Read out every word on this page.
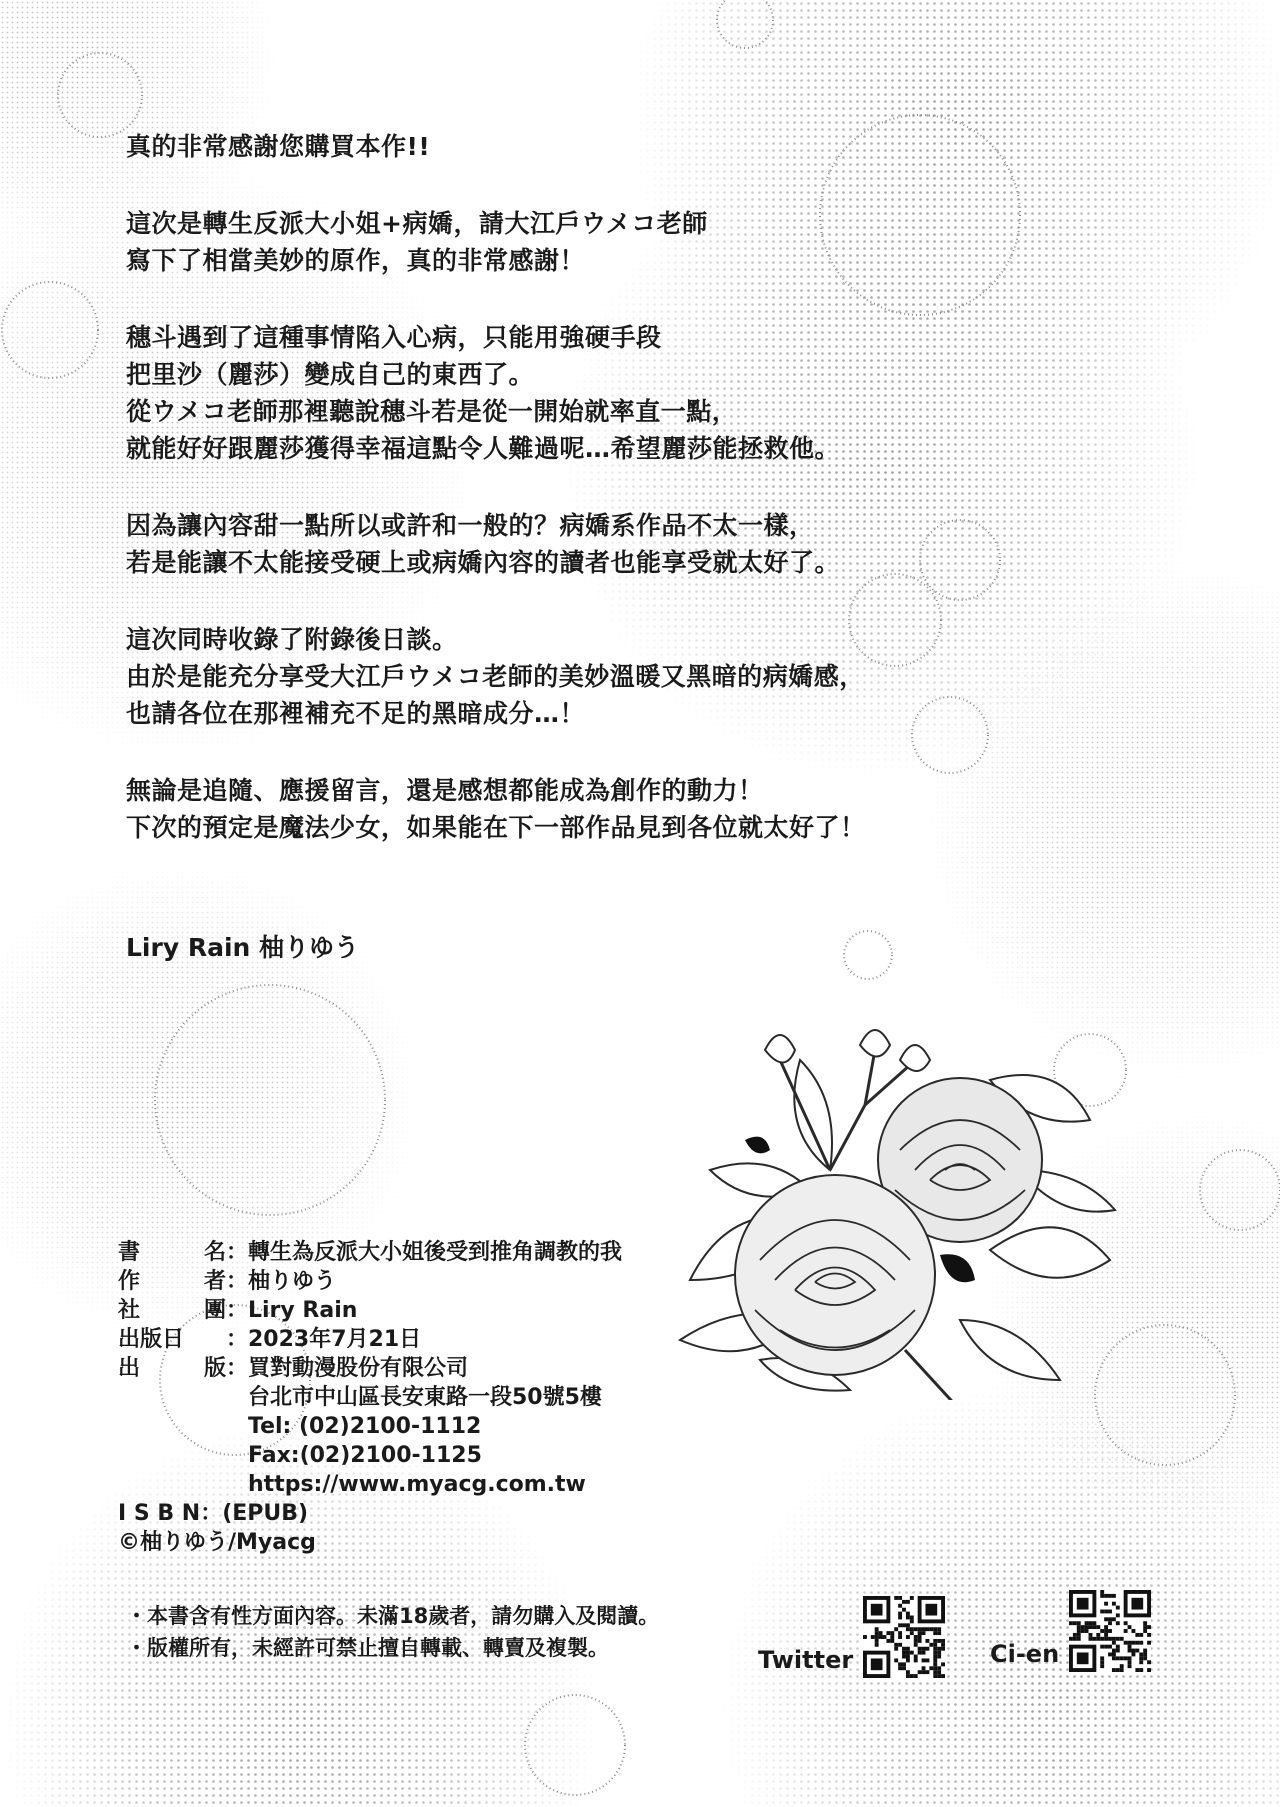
真的非常感謝您購買本作!!

這次是轉生反派大小姐+病嬌，請大江戶ウメコ老師

寫下了相當美妙的原作，真的非常感謝！

穗斗遇到了這種事情陷入心病，只能用強硬手段

把里沙（麗莎）變成自己的東西了。

從ウメコ老師那裡聽說穗斗若是從一開始就率直一點，

就能好好跟麗莎獲得幸福這點令人難過呢…希望麗莎能拯救他。

因為讓內容甜一點所以或許和一般的？病嬌系作品不太一樣，

若是能讓不太能接受硬上或病嬌內容的讀者也能享受就太好了。

這次同時收錄了附錄後日談。

由於是能充分享受大江戶ウメコ老師的美妙溫暖又黑暗的病嬌感，

也請各位在那裡補充不足的黑暗成分…！

無論是追隨、應援留言，還是感想都能成為創作的動力！

下次的預定是魔法少女，如果能在下一部作品見到各位就太好了！

Liry Rain 柚りゆう
書	名 ： 轉生為反派大小姐後受到推角調教的我
作	者 ： 柚りゆう
社	團 ： Liry Rain
出版日	： 2023年7月21日
出	版 ： 買對動漫股份有限公司
台北市中山區長安東路一段50號5樓
Tel: (02)2100-1112
Fax:(02)2100-1125
https://www.myacg.com.tw
I S B N ： (EPUB)
©柚りゆう/Myacg

・本書含有性方面內容。未滿18歲者，請勿購入及閱讀。

・版權所有，未經許可禁止擅自轉載、轉賣及複製。	Twitter	Ci-en
